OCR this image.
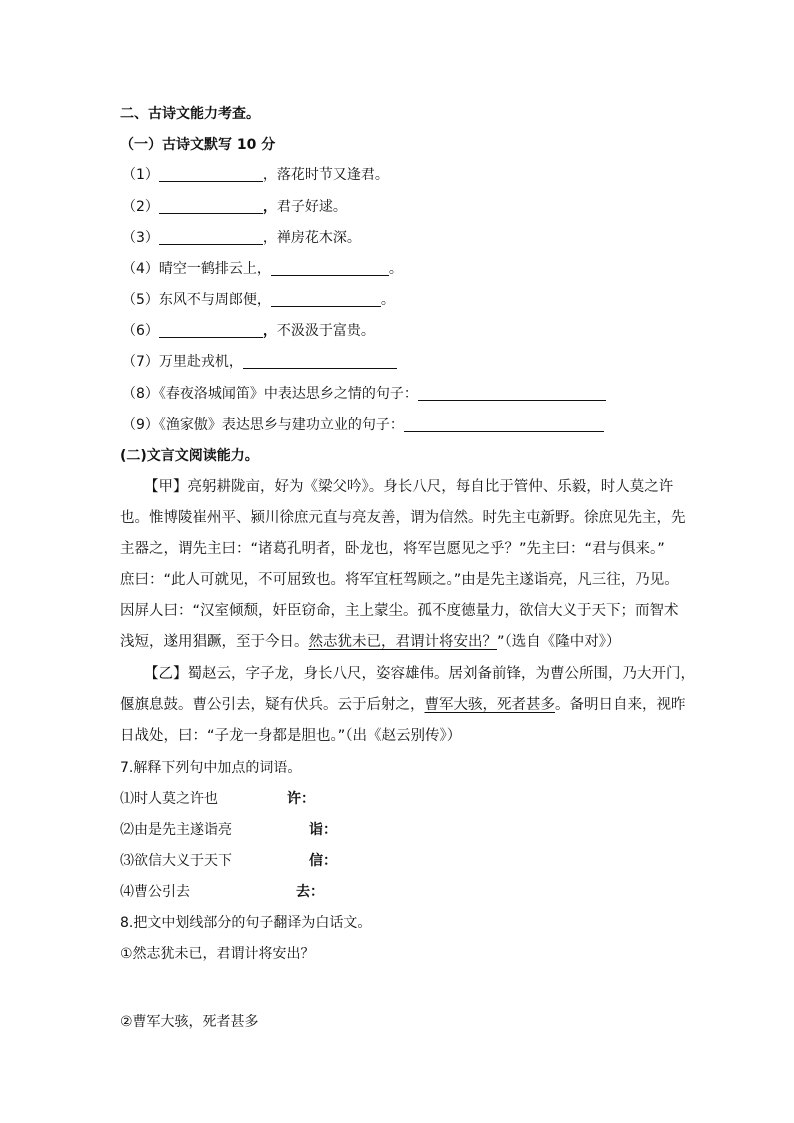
二、古诗文能力考查。
（一）古诗文默写 10 分
（1）	，落花时节又逢君。
（2）	，君子好逑。
（3）	，禅房花木深。
（4）晴空一鹤排云上，	。
（5）东风不与周郎便，	。
（6）	，不汲汲于富贵。
（7）万里赴戎机，
（8）《春夜洛城闻笛》中表达思乡之情的句子：
（9）《渔家傲》表达思乡与建功立业的句子：
(二)文言文阅读能力。
【甲】亮躬耕陇亩，好为《梁父吟》。身长八尺，每自比于管仲、乐毅，时人莫之许
也。惟博陵崔州平、颍川徐庶元直与亮友善，谓为信然。时先主屯新野。徐庶见先主，先
主器之，谓先主曰：“诸葛孔明者，卧龙也，将军岂愿见之乎？”先主曰：“君与俱来。”
庶曰：“此人可就见，不可屈致也。将军宜枉驾顾之。”由是先主遂诣亮，凡三往，乃见。
因屏人曰：“汉室倾颓，奸臣窃命，主上蒙尘。孤不度德量力，欲信大义于天下；而智术
浅短，遂用猖蹶，至于今日。然志犹未已，君谓计将安出？”（选自《隆中对》）
【乙】蜀赵云，字子龙，身长八尺，姿容雄伟。居刘备前锋，为曹公所围，乃大开门，
偃旗息鼓。曹公引去，疑有伏兵。云于后射之，曹军大骇，死者甚多。备明日自来，视昨
日战处，曰：“子龙一身都是胆也。”（出《赵云别传》）
7.解释下列句中加点的词语。
⑴时人莫之许也	许：
⑵由是先主遂诣亮	诣：
⑶欲信大义于天下	信：
⑷曹公引去	去：
8.把文中划线部分的句子翻译为白话文。
①然志犹未已，君谓计将安出？
②曹军大骇，死者甚多
